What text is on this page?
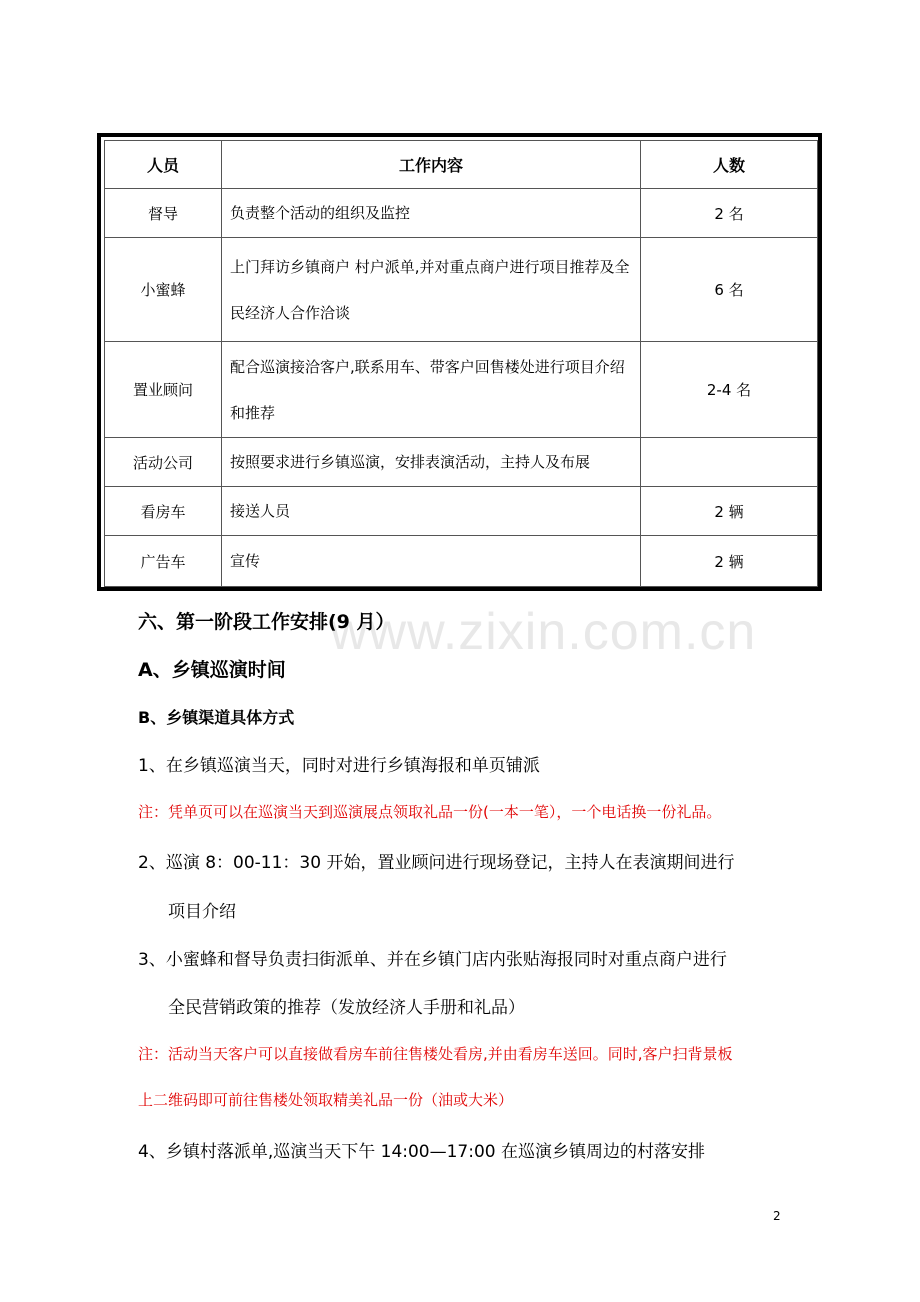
人员	工作内容	人数
督导	负责整个活动的组织及监控	2 名
小蜜蜂	上门拜访乡镇商户 村户派单,并对重点商户进行项目推荐及全民经济人合作洽谈	6 名
置业顾问	配合巡演接洽客户,联系用车、带客户回售楼处进行项目介绍和推荐	2-4 名
活动公司	按照要求进行乡镇巡演，安排表演活动，主持人及布展	
看房车	接送人员	2 辆
广告车	宣传	2 辆
www.zixin.com.cn
六、第一阶段工作安排(9 月）
A、乡镇巡演时间
B、乡镇渠道具体方式
1、在乡镇巡演当天，同时对进行乡镇海报和单页铺派
注：凭单页可以在巡演当天到巡演展点领取礼品一份(一本一笔），一个电话换一份礼品。
2、巡演 8：00-11：30 开始，置业顾问进行现场登记，主持人在表演期间进行
项目介绍
3、小蜜蜂和督导负责扫街派单、并在乡镇门店内张贴海报同时对重点商户进行
全民营销政策的推荐（发放经济人手册和礼品）
注：活动当天客户可以直接做看房车前往售楼处看房,并由看房车送回。同时,客户扫背景板
上二维码即可前往售楼处领取精美礼品一份（油或大米）
4、乡镇村落派单,巡演当天下午 14:00—17:00 在巡演乡镇周边的村落安排
2
